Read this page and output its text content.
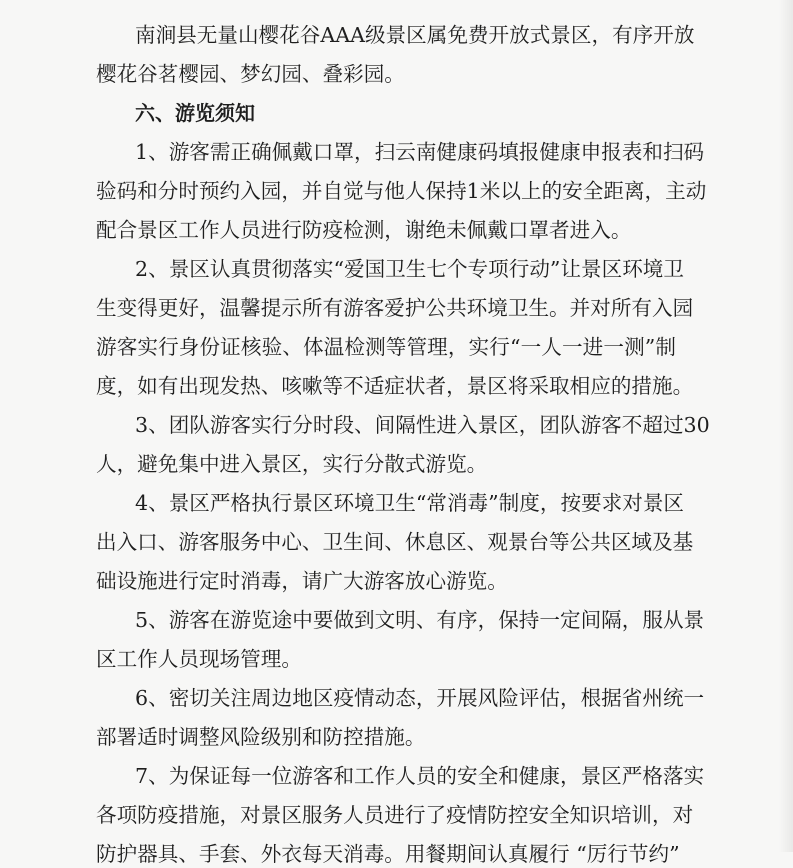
南涧县无量山樱花谷AAA级景区属免费开放式景区，有序开放
樱花谷茗樱园、梦幻园、叠彩园。
六、游览须知
1、游客需正确佩戴口罩，扫云南健康码填报健康申报表和扫码
验码和分时预约入园，并自觉与他人保持1米以上的安全距离，主动
配合景区工作人员进行防疫检测，谢绝未佩戴口罩者进入。
2、景区认真贯彻落实“爱国卫生七个专项行动”让景区环境卫
生变得更好，温馨提示所有游客爱护公共环境卫生。并对所有入园
游客实行身份证核验、体温检测等管理，实行“一人一进一测”制
度，如有出现发热、咳嗽等不适症状者，景区将采取相应的措施。
3、团队游客实行分时段、间隔性进入景区，团队游客不超过30
人，避免集中进入景区，实行分散式游览。
4、景区严格执行景区环境卫生“常消毒”制度，按要求对景区
出入口、游客服务中心、卫生间、休息区、观景台等公共区域及基
础设施进行定时消毒，请广大游客放心游览。
5、游客在游览途中要做到文明、有序，保持一定间隔，服从景
区工作人员现场管理。
6、密切关注周边地区疫情动态，开展风险评估，根据省州统一
部署适时调整风险级别和防控措施。
7、为保证每一位游客和工作人员的安全和健康，景区严格落实
各项防疫措施，对景区服务人员进行了疫情防控安全知识培训，对
防护器具、手套、外衣每天消毒。用餐期间认真履行 “厉行节约”
